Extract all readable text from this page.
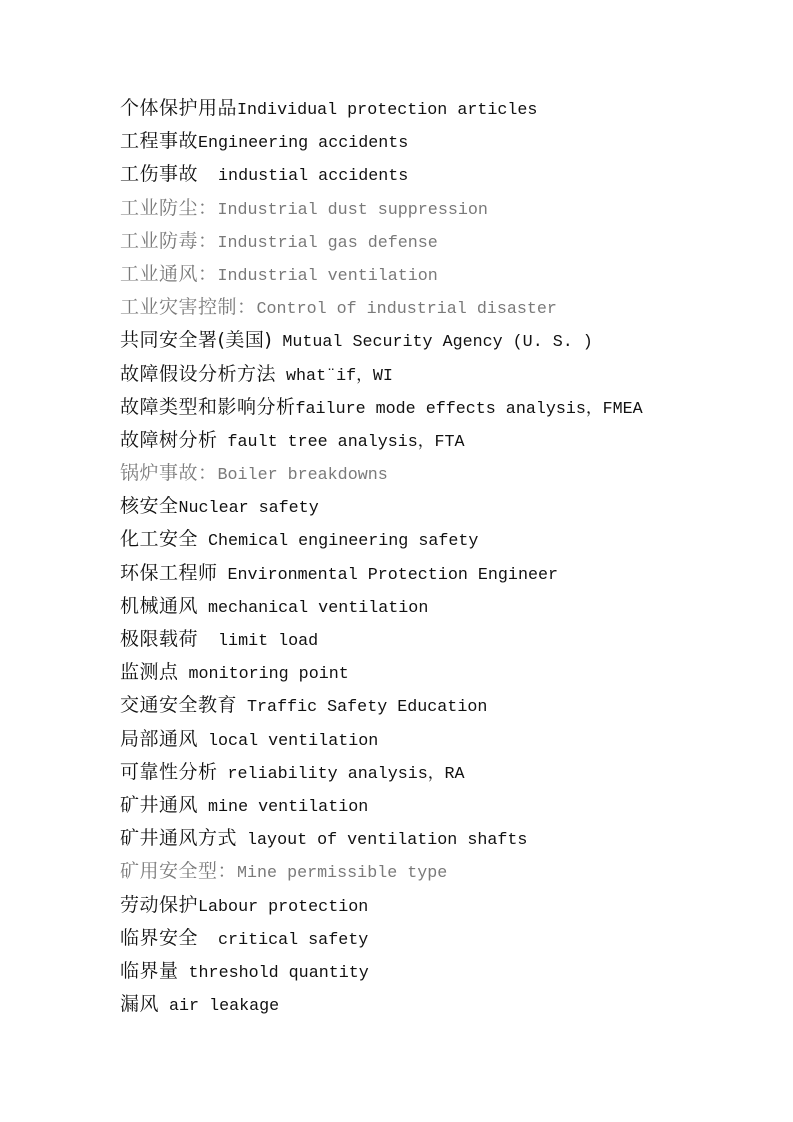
个体保护用品Individual protection articles
工程事故Engineering accidents
工伤事故  industial accidents
工业防尘：Industrial dust suppression
工业防毒：Industrial gas defense
工业通风：Industrial ventilation
工业灾害控制：Control of industrial disaster
共同安全署(美国) Mutual Security Agency (U. S. )
故障假设分析方法 what¨if，WI
故障类型和影响分析failure mode effects analysis，FMEA
故障树分析 fault tree analysis，FTA
锅炉事故：Boiler breakdowns
核安全Nuclear safety
化工安全 Chemical engineering safety
环保工程师 Environmental Protection Engineer
机械通风 mechanical ventilation
极限载荷  limit load
监测点 monitoring point
交通安全教育 Traffic Safety Education
局部通风 local ventilation
可靠性分析 reliability analysis，RA
矿井通风 mine ventilation
矿井通风方式 layout of ventilation shafts
矿用安全型：Mine permissible type
劳动保护Labour protection
临界安全  critical safety
临界量 threshold quantity
漏风 air leakage
